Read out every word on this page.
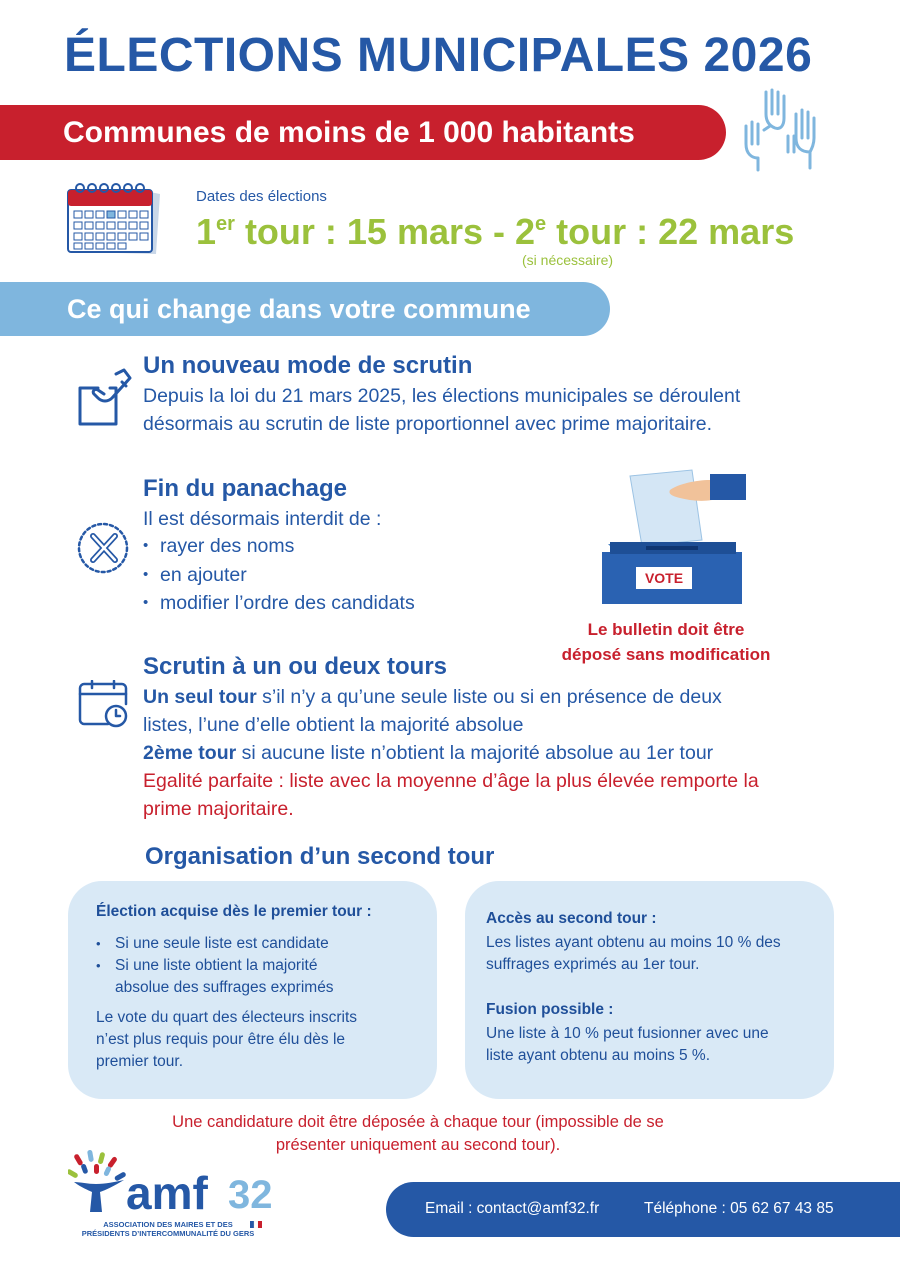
ÉLECTIONS MUNICIPALES 2026
Communes de moins de 1 000 habitants
Dates des élections
1er tour : 15 mars - 2e tour : 22 mars
(si nécessaire)
Ce qui change dans votre commune
Un nouveau mode de scrutin
Depuis la loi du 21 mars 2025, les élections municipales se déroulent
désormais au scrutin de liste proportionnel avec prime majoritaire.
Fin du panachage
Il est désormais interdit de :
• rayer des noms
• en ajouter
• modifier l’ordre des candidats
VOTE
Le bulletin doit être
déposé sans modification
Scrutin à un ou deux tours
Un seul tour s’il n’y a qu’une seule liste ou si en présence de deux
listes, l’une d’elle obtient la majorité absolue
2ème tour si aucune liste n’obtient la majorité absolue au 1er tour
Egalité parfaite : liste avec la moyenne d’âge la plus élevée remporte la
prime majoritaire.
Organisation d’un second tour
Élection acquise dès le premier tour :
• Si une seule liste est candidate
• Si une liste obtient la majorité
absolue des suffrages exprimés
Le vote du quart des électeurs inscrits
n’est plus requis pour être élu dès le
premier tour.
Accès au second tour :
Les listes ayant obtenu au moins 10 % des
suffrages exprimés au 1er tour.
Fusion possible :
Une liste à 10 % peut fusionner avec une
liste ayant obtenu au moins 5 %.
Une candidature doit être déposée à chaque tour (impossible de se
présenter uniquement au second tour).
amf 32
ASSOCIATION DES MAIRES ET DES
PRÉSIDENTS D’INTERCOMMUNALITÉ DU GERS
Email : contact@amf32.fr	Téléphone : 05 62 67 43 85
